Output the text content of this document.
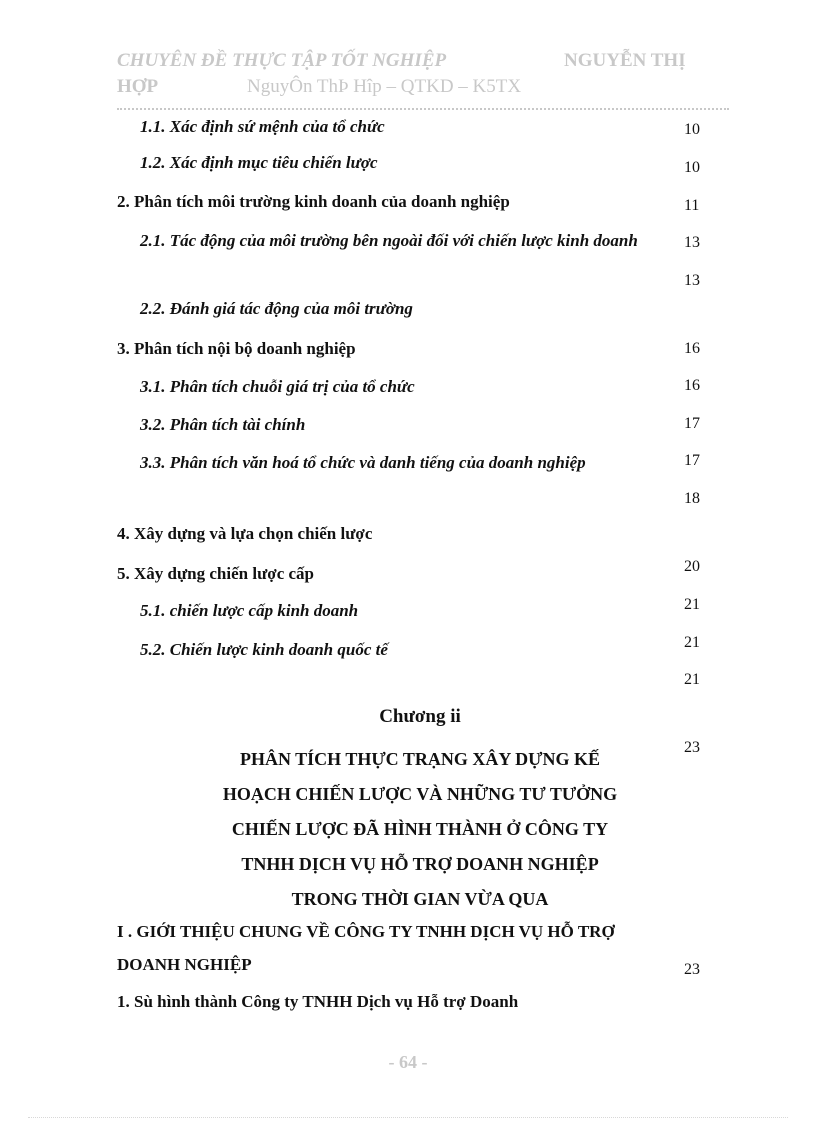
CHUYÊN ĐỀ THỰC TẬP TỐT NGHIỆP	NGUYỄN THỊ
HỢP	NguyÔn ThÞ Hîp – QTKD – K5TX
1.1. Xác định sứ mệnh của tổ chức
1.2. Xác định mục tiêu chiến lược
2. Phân tích môi trường kinh doanh của doanh nghiệp
2.1. Tác động của môi trường bên ngoài đối với chiến lược kinh doanh
2.2. Đánh giá tác động của môi trường
3. Phân tích nội bộ doanh nghiệp
3.1. Phân tích chuỗi giá trị của tổ chức
3.2. Phân tích tài chính
3.3. Phân tích văn hoá tổ chức và danh tiếng của doanh nghiệp
4. Xây dựng và lựa chọn chiến lược
5. Xây dựng chiến lược cấp
5.1. chiến lược cấp kinh doanh
5.2. Chiến lược kinh doanh quốc tế
10
10
11
13
13
16
16
17
17
18
20
21
21
21
23
23
Chương ii
PHÂN TÍCH THỰC TRẠNG XÂY DỰNG KẾ HOẠCH CHIẾN LƯỢC VÀ NHỮNG TƯ TƯỞNG CHIẾN LƯỢC ĐÃ HÌNH THÀNH Ở CÔNG TY TNHH DỊCH VỤ HỖ TRỢ DOANH NGHIỆP TRONG THỜI GIAN VỪA QUA
I . GIỚI THIỆU CHUNG VỀ CÔNG TY TNHH DỊCH VỤ HỖ TRỢ DOANH NGHIỆP
1. Sù hình thành Công ty TNHH Dịch vụ Hỗ trợ Doanh
- 64 -
